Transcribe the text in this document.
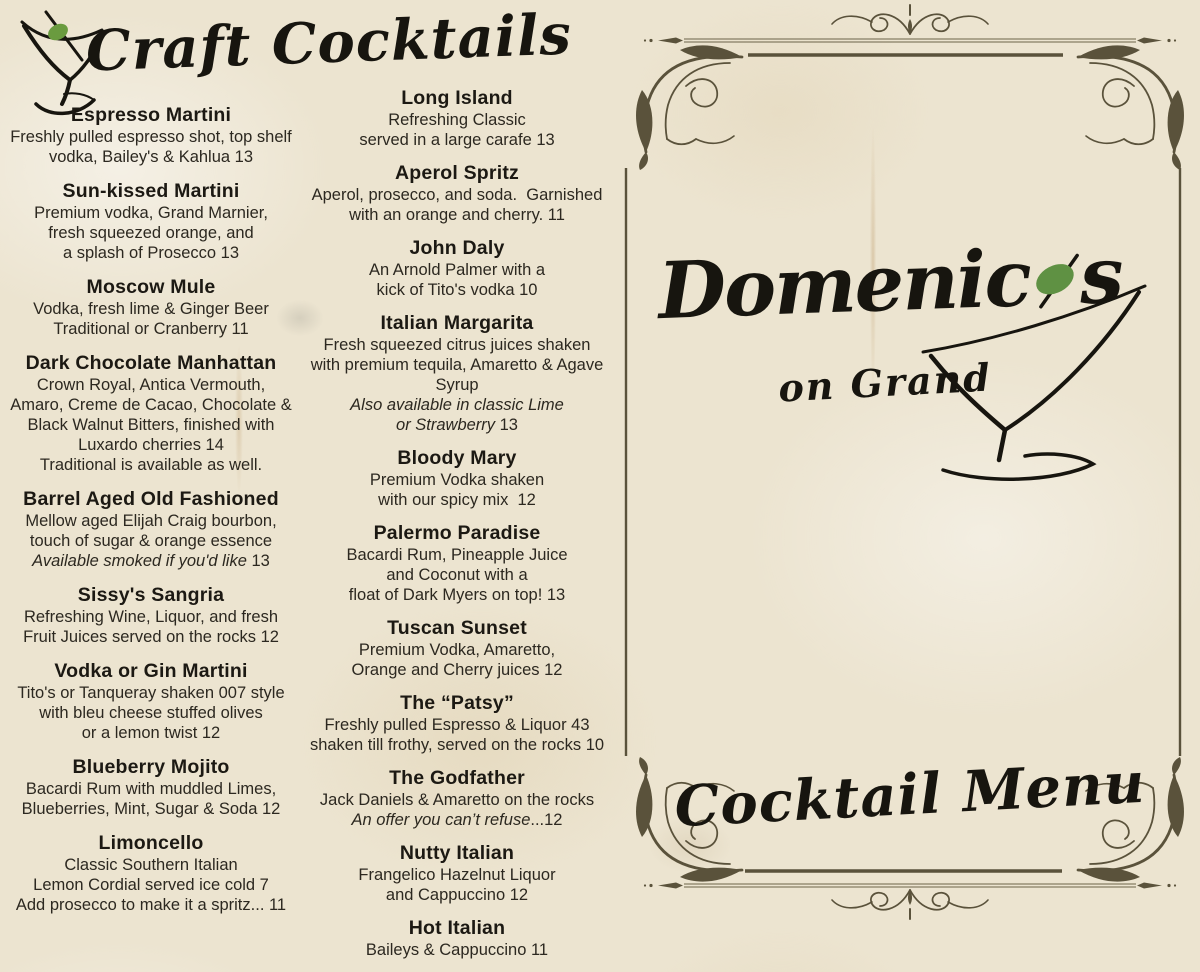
Craft Cocktails
Espresso Martini
Freshly pulled espresso shot, top shelf
vodka, Bailey's & Kahlua 13
Sun-kissed Martini
Premium vodka, Grand Marnier,
fresh squeezed orange, and
a splash of Prosecco 13
Moscow Mule
Vodka, fresh lime & Ginger Beer
Traditional or Cranberry 11
Dark Chocolate Manhattan
Crown Royal, Antica Vermouth,
Amaro, Creme de Cacao, Chocolate &
Black Walnut Bitters, finished with
Luxardo cherries 14
Traditional is available as well.
Barrel Aged Old Fashioned
Mellow aged Elijah Craig bourbon,
touch of sugar & orange essence
Available smoked if you'd like 13
Sissy's Sangria
Refreshing Wine, Liquor, and fresh
Fruit Juices served on the rocks 12
Vodka or Gin Martini
Tito's or Tanqueray shaken 007 style
with bleu cheese stuffed olives
or a lemon twist 12
Blueberry Mojito
Bacardi Rum with muddled Limes,
Blueberries, Mint, Sugar & Soda 12
Limoncello
Classic Southern Italian
Lemon Cordial served ice cold 7
Add prosecco to make it a spritz... 11
Long Island
Refreshing Classic
served in a large carafe 13
Aperol Spritz
Aperol, prosecco, and soda.  Garnished
with an orange and cherry. 11
John Daly
An Arnold Palmer with a
kick of Tito's vodka 10
Italian Margarita
Fresh squeezed citrus juices shaken
with premium tequila, Amaretto & Agave
Syrup
Also available in classic Lime
or Strawberry 13
Bloody Mary
Premium Vodka shaken
with our spicy mix  12
Palermo Paradise
Bacardi Rum, Pineapple Juice
and Coconut with a
float of Dark Myers on top! 13
Tuscan Sunset
Premium Vodka, Amaretto,
Orange and Cherry juices 12
The “Patsy”
Freshly pulled Espresso & Liquor 43
shaken till frothy, served on the rocks 10
The Godfather
Jack Daniels & Amaretto on the rocks
An offer you can’t refuse...12
Nutty Italian
Frangelico Hazelnut Liquor
and Cappuccino 12
Hot Italian
Baileys & Cappuccino 11
Domenic s
on Grand
Cocktail Menu
